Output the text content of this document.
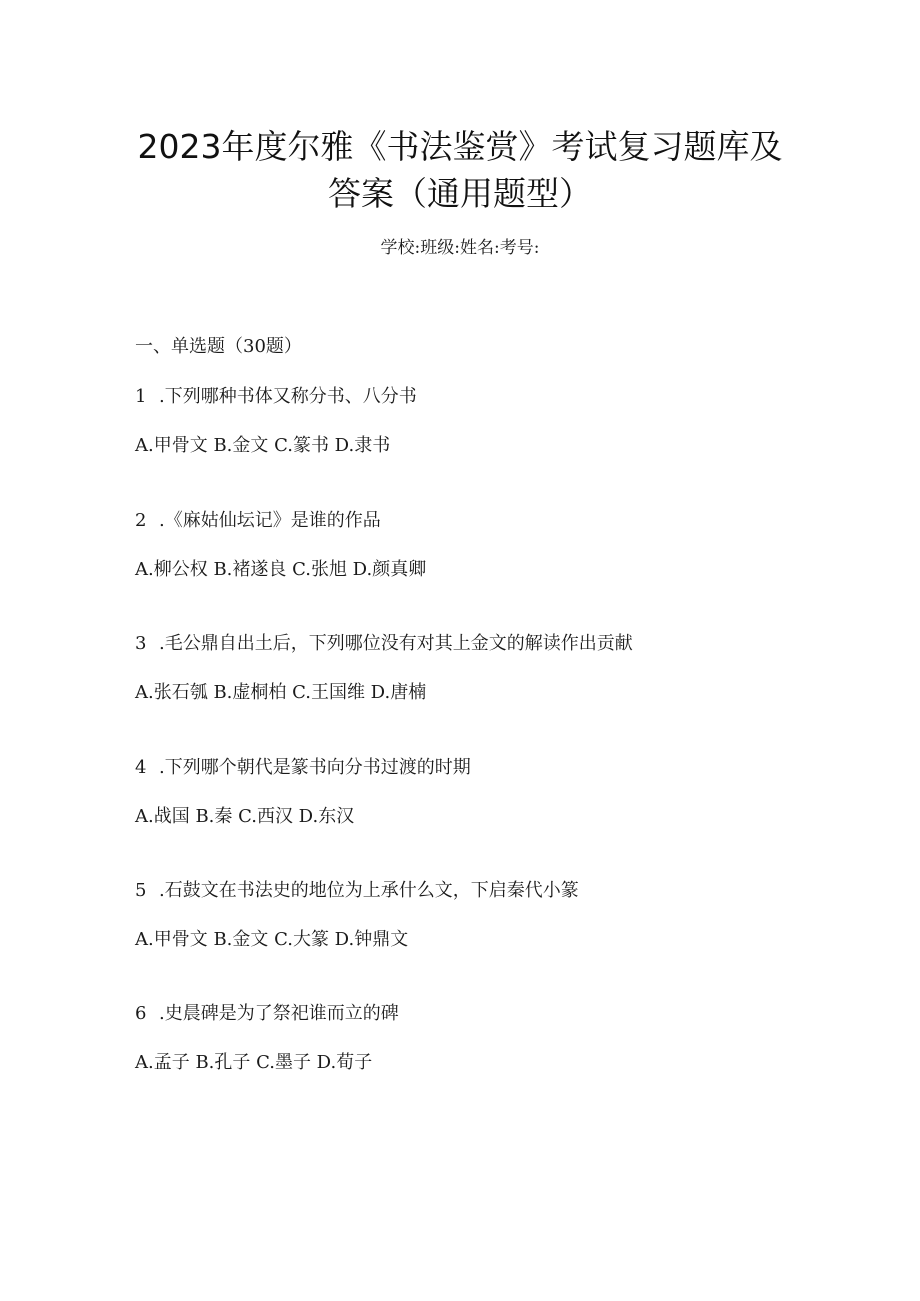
2023年度尔雅《书法鉴赏》考试复习题库及
答案（通用题型）
学校:班级:姓名:考号:
一、单选题（30题）
1 .下列哪种书体又称分书、八分书
A.甲骨文 B.金文 C.篆书 D.隶书
2 .《麻姑仙坛记》是谁的作品
A.柳公权 B.褚遂良 C.张旭 D.颜真卿
3 .毛公鼎自出土后，下列哪位没有对其上金文的解读作出贡献
A.张石瓠 B.虚桐柏 C.王国维 D.唐楠
4 .下列哪个朝代是篆书向分书过渡的时期
A.战国 B.秦 C.西汉 D.东汉
5 .石鼓文在书法史的地位为上承什么文，下启秦代小篆
A.甲骨文 B.金文 C.大篆 D.钟鼎文
6 .史晨碑是为了祭祀谁而立的碑
A.孟子 B.孔子 C.墨子 D.荀子
